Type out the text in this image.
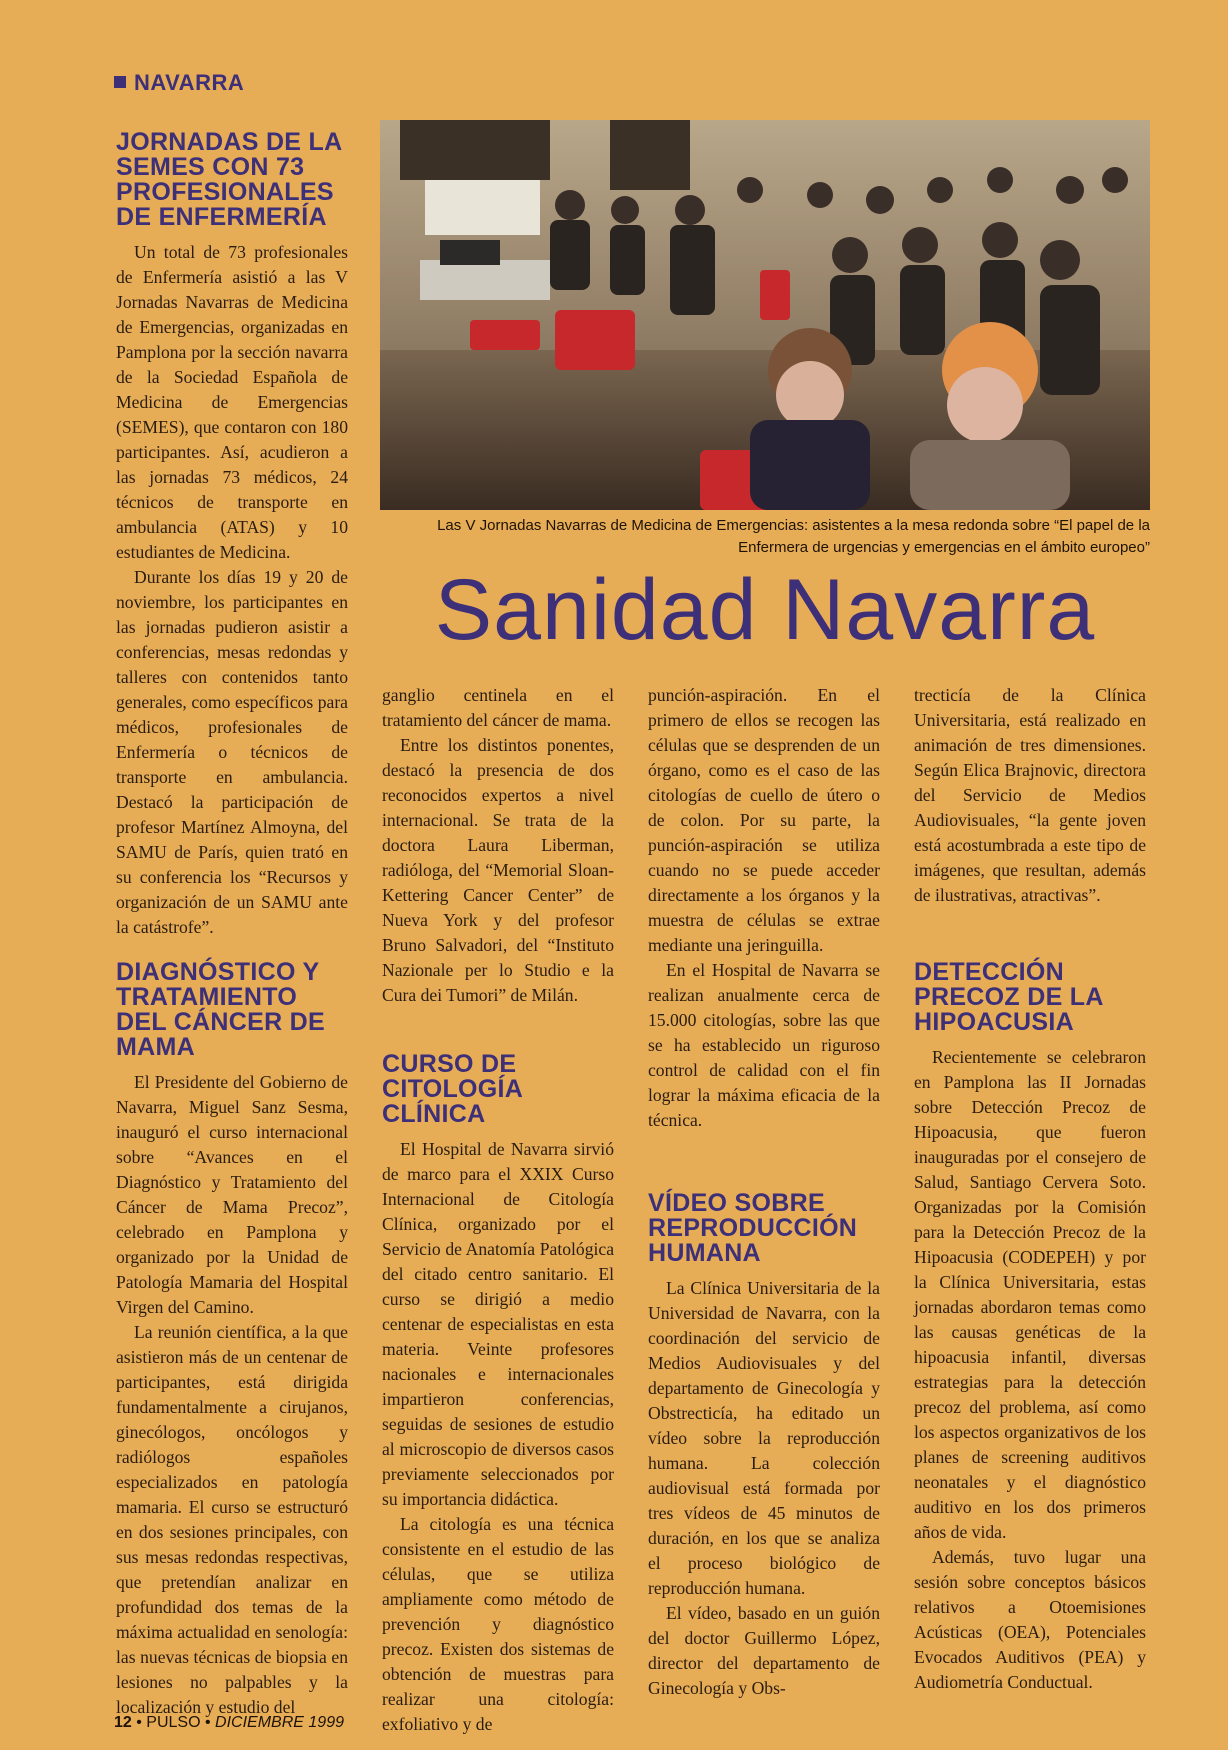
NAVARRA
JORNADAS DE LA SEMES CON 73 PROFESIONALES DE ENFERMERÍA

Un total de 73 profesionales de Enfermería asistió a las V Jornadas Navarras de Medicina de Emergencias, organizadas en Pamplona por la sección navarra de la Sociedad Española de Medicina de Emergencias (SEMES), que contaron con 180 participantes. Así, acudieron a las jornadas 73 médicos, 24 técnicos de transporte en ambulancia (ATAS) y 10 estudiantes de Medicina.

Durante los días 19 y 20 de noviembre, los participantes en las jornadas pudieron asistir a conferencias, mesas redondas y talleres con contenidos tanto generales, como específicos para médicos, profesionales de Enfermería o técnicos de transporte en ambulancia. Destacó la participación de profesor Martínez Almoyna, del SAMU de París, quien trató en su conferencia los “Recursos y organización de un SAMU ante la catástrofe”.

DIAGNÓSTICO Y TRATAMIENTO DEL CÁNCER DE MAMA

El Presidente del Gobierno de Navarra, Miguel Sanz Sesma, inauguró el curso internacional sobre “Avances en el Diagnóstico y Tratamiento del Cáncer de Mama Precoz”, celebrado en Pamplona y organizado por la Unidad de Patología Mamaria del Hospital Virgen del Camino.

La reunión científica, a la que asistieron más de un centenar de participantes, está dirigida fundamentalmente a cirujanos, ginecólogos, oncólogos y radiólogos españoles especializados en patología mamaria. El curso se estructuró en dos sesiones principales, con sus mesas redondas respectivas, que pretendían analizar en profundidad dos temas de la máxima actualidad en senología: las nuevas técnicas de biopsia en lesiones no palpables y la localización y estudio del

Las V Jornadas Navarras de Medicina de Emergencias: asistentes a la mesa redonda sobre “El papel de la Enfermera de urgencias y emergencias en el ámbito europeo”
Sanidad Navarra

ganglio centinela en el tratamiento del cáncer de mama.

Entre los distintos ponentes, destacó la presencia de dos reconocidos expertos a nivel internacional. Se trata de la doctora Laura Liberman, radióloga, del “Memorial Sloan-Kettering Cancer Center” de Nueva York y del profesor Bruno Salvadori, del “Instituto Nazionale per lo Studio e la Cura dei Tumori” de Milán.

CURSO DE CITOLOGÍA CLÍNICA

El Hospital de Navarra sirvió de marco para el XXIX Curso Internacional de Citología Clínica, organizado por el Servicio de Anatomía Patológica del citado centro sanitario. El curso se dirigió a medio centenar de especialistas en esta materia. Veinte profesores nacionales e internacionales impartieron conferencias, seguidas de sesiones de estudio al microscopio de diversos casos previamente seleccionados por su importancia didáctica.

La citología es una técnica consistente en el estudio de las células, que se utiliza ampliamente como método de prevención y diagnóstico precoz. Existen dos sistemas de obtención de muestras para realizar una citología: exfoliativo y de

punción-aspiración. En el primero de ellos se recogen las células que se desprenden de un órgano, como es el caso de las citologías de cuello de útero o de colon. Por su parte, la punción-aspiración se utiliza cuando no se puede acceder directamente a los órganos y la muestra de células se extrae mediante una jeringuilla.

En el Hospital de Navarra se realizan anualmente cerca de 15.000 citologías, sobre las que se ha establecido un riguroso control de calidad con el fin lograr la máxima eficacia de la técnica.

VÍDEO SOBRE REPRODUCCIÓN HUMANA

La Clínica Universitaria de la Universidad de Navarra, con la coordinación del servicio de Medios Audiovisuales y del departamento de Ginecología y Obstrecticía, ha editado un vídeo sobre la reproducción humana. La colección audiovisual está formada por tres vídeos de 45 minutos de duración, en los que se analiza el proceso biológico de reproducción humana.

El vídeo, basado en un guión del doctor Guillermo López, director del departamento de Ginecología y Obs-

trecticía de la Clínica Universitaria, está realizado en animación de tres dimensiones. Según Elica Brajnovic, directora del Servicio de Medios Audiovisuales, “la gente joven está acostumbrada a este tipo de imágenes, que resultan, además de ilustrativas, atractivas”.

DETECCIÓN PRECOZ DE LA HIPOACUSIA

Recientemente se celebraron en Pamplona las II Jornadas sobre Detección Precoz de Hipoacusia, que fueron inauguradas por el consejero de Salud, Santiago Cervera Soto. Organizadas por la Comisión para la Detección Precoz de la Hipoacusia (CODEPEH) y por la Clínica Universitaria, estas jornadas abordaron temas como las causas genéticas de la hipoacusia infantil, diversas estrategias para la detección precoz del problema, así como los aspectos organizativos de los planes de screening auditivos neonatales y el diagnóstico auditivo en los dos primeros años de vida.

Además, tuvo lugar una sesión sobre conceptos básicos relativos a Otoemisiones Acústicas (OEA), Potenciales Evocados Auditivos (PEA) y Audiometría Conductual.

12 • PULSO • DICIEMBRE 1999
